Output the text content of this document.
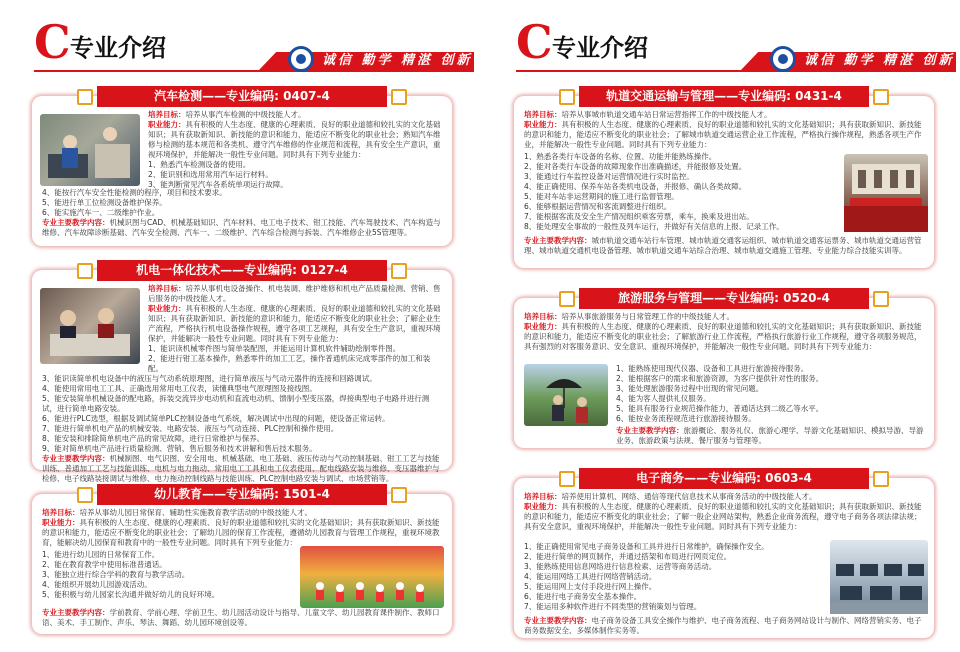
C 专业介绍	诚信 勤学 精湛 创新
汽车检测——专业编码: 0407-4
培养目标：培养从事汽车检测的中级技能人才。
职业能力：具有积极的人生态度、健康的心理素质、良好的职业道德和较扎实的文化基础知识；具有获取新知识、新技能的意识和能力，能适应不断变化的职业社会；熟知汽车维修与检测的基本规范和各类机、遵守汽车维修的作业规范和流程，具有安全生产意识，重视环境保护，并能解决一般性专业问题。同时具有下列专业能力：
1、熟悉汽车检测设备的使用。
2、能识别和选用常用汽车运行材料。
3、能判断常见汽车各系统单项运行故障。
4、能按行汽车安全性能检测的程序，项目和技术要求。
5、能进行单工位检测设备维护保养。
6、能实施汽车一、二级维护作业。
专业主要教学内容：机械识图与CAD、机械基础知识、汽车材料、电工电子技术、钳工技能、汽车驾驶技术、汽车构造与维修、汽车故障诊断基础、汽车安全检测、汽车一、二级维护、汽车综合检测与拆装、汽车维修企业5S管理等。
机电一体化技术——专业编码: 0127-4
培养目标：培养从事机电设备操作、机电装调、维护维修和机电产品质量检测、营销、售后服务的中级技能人才。
职业能力：具有积极的人生态度、健康的心理素质、良好的职业道德和较扎实的文化基础知识；具有获取新知识、新技能的意识和能力，能适应不断变化的职业社会；了解企业生产流程，严格执行机电设备操作规程，遵守各项工艺规程，具有安全生产意识，重视环境保护，并能解决一般性专业问题。同时具有下列专业能力：
1、能识读机械零件图与简单装配图，并能运用计算机软件辅助绘制零件图。
2、能进行钳工基本操作，熟悉零件的加工工艺，操作普通机床完成零部件的加工和装配。
3、能识读简单机电设备中的液压与气动系统原理图，进行简单液压与气动元器件的连接和回路调试。
4、能使用常用电工工具、正确选用常用电工仪表，读懂典型电气原理图及接线图。
5、能安装简单机械设备的配电路，拆装交流异步电动机和直流电动机、馈制小型变压器，焊接典型电子电路并进行测试，进行简单电路安装。
6、能进行PLC选型，根据及调试简单PLC控制设备电气系统，解决调试中出现的问题，使设备正常运转。
7、能进行简单机电产品的机械安装、电路安装、液压与气动连接、PLC控制和操作使用。
8、能安装和排除简单机电产品的常见故障，进行日常维护与保养。
9、能对简单机电产品进行质量检测、营销、售后服务和技术讲解和售后技术服务。
专业主要教学内容：机械制图、电气识图、安全用电、机械基础、电工基础、液压传动与气动控制基础、钳工工艺与技能训练、普通加工工艺与技能训练、电机与电力拖动、常用电工工具和电工仪表使用、配电线路安装与维修、变压器维护与检修、电子线路装接调试与维修、电力拖动控制线路与技能训练、PLC控制电路安装与调试、市场营销等。
幼儿教育——专业编码: 1501-4
培养目标：培养从事幼儿园日常保育、辅助性实施教育教学活动的中级技能人才。
职业能力：具有积极的人生态度、健康的心理素质、良好的职业道德和较扎实的文化基础知识；具有获取新知识、新技能的意识和能力，能适应不断变化的职业社会；了解幼儿园的保育工作流程，遵循幼儿园教育与管理工作规程，重视环境教育，能解决幼儿园保育和教育中的一般性专业问题。同时具有下列专业能力：
1、能进行幼儿园的日常保育工作。
2、能在教育教学中使用标准普通话。
3、能独立进行综合学科的教育与教学活动。
4、能组织开展幼儿园游戏活动。
5、能积极与幼儿园家长沟通并做好幼儿的良好环境。
专业主要教学内容：学前教育、学前心理、学前卫生、幼儿园活动设计与指导、儿童文学、幼儿园教育课件制作、教师口语、美术、手工制作、声乐、琴法、舞蹈、幼儿园环境创设等。
C 专业介绍	诚信 勤学 精湛 创新
轨道交通运输与管理——专业编码: 0431-4
培养目标：培养从事城市轨道交通车站日常运营指挥工作的中级技能人才。
职业能力：具有积极的人生态度、健康的心理素质、良好的职业道德和较扎实的文化基础知识；具有获取新知识、新技能的意识和能力，能适应不断变化的职业社会；了解城市轨道交通运营企业工作流程，严格执行操作规程，熟悉各项生产作业，并能解决一般性专业问题。同时具有下列专业能力：
1、熟悉各类行车设备的名称、位置、功能并能熟练操作。
2、能对各类行车设备的故障现象作出准确描述，并能报修及处置。
3、能通过行车监控设备对运营情况进行实时监控。
4、能正确使用、保养车站各类机电设备，并报修、确认各类故障。
5、能对车站非运营期间的施工进行监督管理。
6、能够根据运营情况和客流调整进行组织。
7、能根据客流及安全生产情况组织乘客劳票，乘车，换乘及进出站。
8、能处理安全事故的一般性及列车运行，并做好有关信息的上报、记录工作。
专业主要教学内容：城市轨道交通车站行车管理、城市轨道交通客运组织、城市轨道交通客运票务、城市轨道交通运营管理、城市轨道交通机电设备管理、城市轨道交通车站综合治理、城市轨道交通施工管理、专业能力综合技能实训等。
旅游服务与管理——专业编码: 0520-4
培养目标：培养从事旅游服务与日常管理工作的中级技能人才。
职业能力：具有积极的人生态度、健康的心理素质、良好的职业道德和较扎实的文化基础知识；具有获取新知识、新技能的意识和能力，能适应不断变化的职业社会；了解旅游行业工作流程，严格执行旅游行业工作规程，遵守各项服务规范，具有强烈的对客服务意识、安全意识、重视环境保护，并能解决一般性专业问题。同时具有下列专业能力：
1、能熟练使用现代仪器、设备和工具进行旅游接待服务。
2、能根据客户的需求和旅游资源，为客户提供针对性的服务。
3、能处理旅游服务过程中出现的常见问题。
4、能为客人提供礼仪服务。
5、能具有服务行业规范操作能力，普通话达到二级乙等水平。
6、能按业务流程规范进行旅游接待服务。
专业主要教学内容：旅游概论、服务礼仪、旅游心理学、导游文化基础知识、模拟导游、导游业务、旅游政策与法规、餐厅服务与管理等。
电子商务——专业编码: 0603-4
培养目标：培养使用计算机、网络、通信等现代信息技术从事商务活动的中级技能人才。
职业能力：具有积极的人生态度、健康的心理素质、良好的职业道德和较扎实的文化基础知识；具有获取新知识、新技能的意识和能力，能适应不断变化的职业社会；了解一般企业网站架构，熟悉企业商务流程，遵守电子商务各项法律法规；具有安全意识，重视环境保护，并能解决一般性专业问题。同时具有下列专业能力：
1、能正确使用常见电子商务设备和工具并进行日常维护，确保操作安全。
2、能进行简单的网页制作，并通过搭架和布局进行网页定位。
3、能熟练使用信息网络进行信息检索、运营等商务活动。
4、能运用网络工具进行网络营销活动。
5、能运用网上支付手段进行网上操作。
6、能进行电子商务安全基本操作。
7、能运用多种软件进行不同类型的营销策划与管理。
专业主要教学内容：电子商务设备工具安全操作与维护、电子商务流程、电子商务网站设计与制作、网络营销实务、电子商务数据安全、多媒体制作实务等。
